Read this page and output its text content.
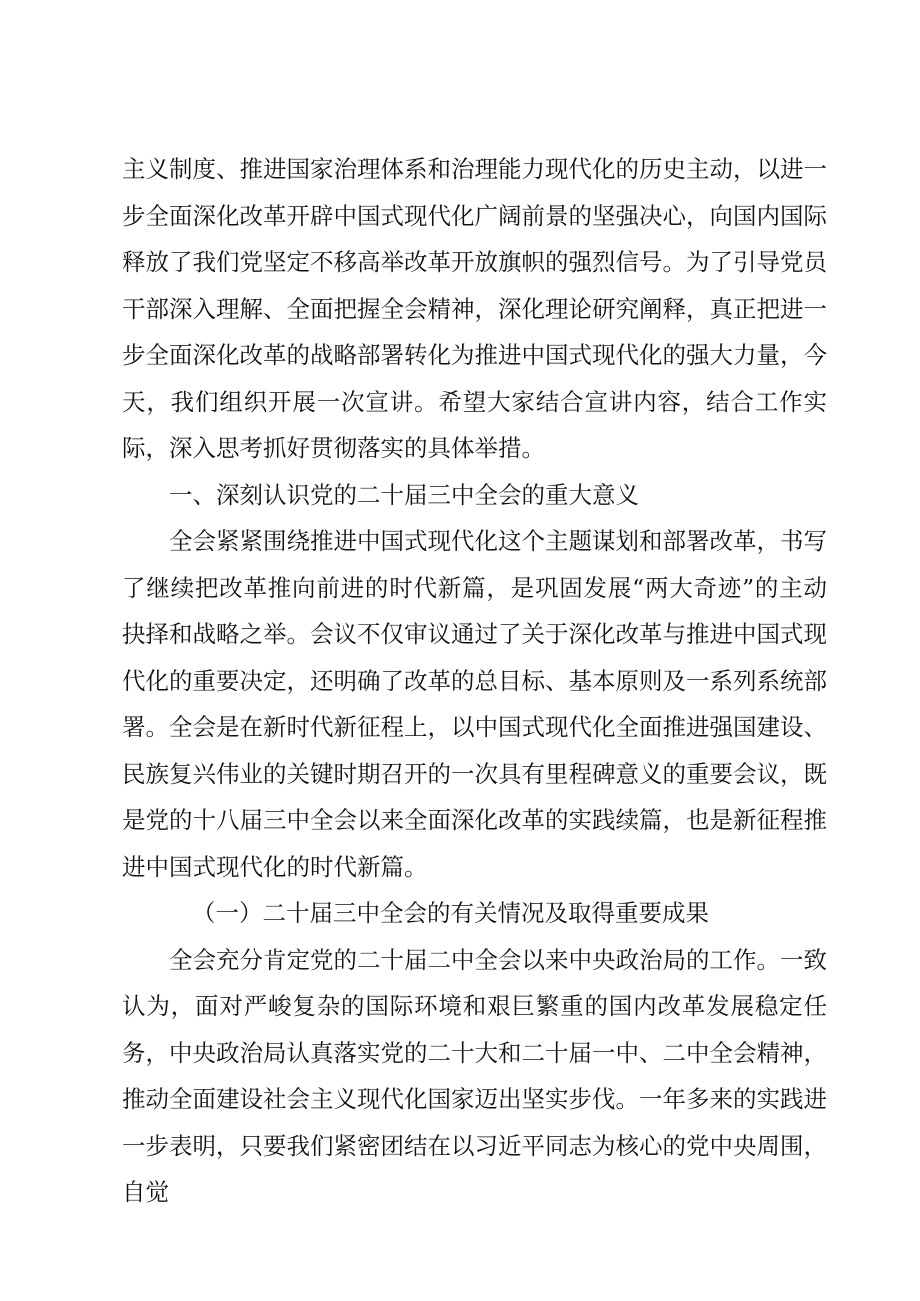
主义制度、推进国家治理体系和治理能力现代化的历史主动，以进一步全面深化改革开辟中国式现代化广阔前景的坚强决心，向国内国际释放了我们党坚定不移高举改革开放旗帜的强烈信号。为了引导党员干部深入理解、全面把握全会精神，深化理论研究阐释，真正把进一步全面深化改革的战略部署转化为推进中国式现代化的强大力量，今天，我们组织开展一次宣讲。希望大家结合宣讲内容，结合工作实际，深入思考抓好贯彻落实的具体举措。

一、深刻认识党的二十届三中全会的重大意义

全会紧紧围绕推进中国式现代化这个主题谋划和部署改革，书写了继续把改革推向前进的时代新篇，是巩固发展“两大奇迹”的主动抉择和战略之举。会议不仅审议通过了关于深化改革与推进中国式现代化的重要决定，还明确了改革的总目标、基本原则及一系列系统部署。全会是在新时代新征程上，以中国式现代化全面推进强国建设、民族复兴伟业的关键时期召开的一次具有里程碑意义的重要会议，既是党的十八届三中全会以来全面深化改革的实践续篇，也是新征程推进中国式现代化的时代新篇。

（一）二十届三中全会的有关情况及取得重要成果

全会充分肯定党的二十届二中全会以来中央政治局的工作。一致认为，面对严峻复杂的国际环境和艰巨繁重的国内改革发展稳定任务，中央政治局认真落实党的二十大和二十届一中、二中全会精神，推动全面建设社会主义现代化国家迈出坚实步伐。一年多来的实践进一步表明，只要我们紧密团结在以习近平同志为核心的党中央周围，自觉
